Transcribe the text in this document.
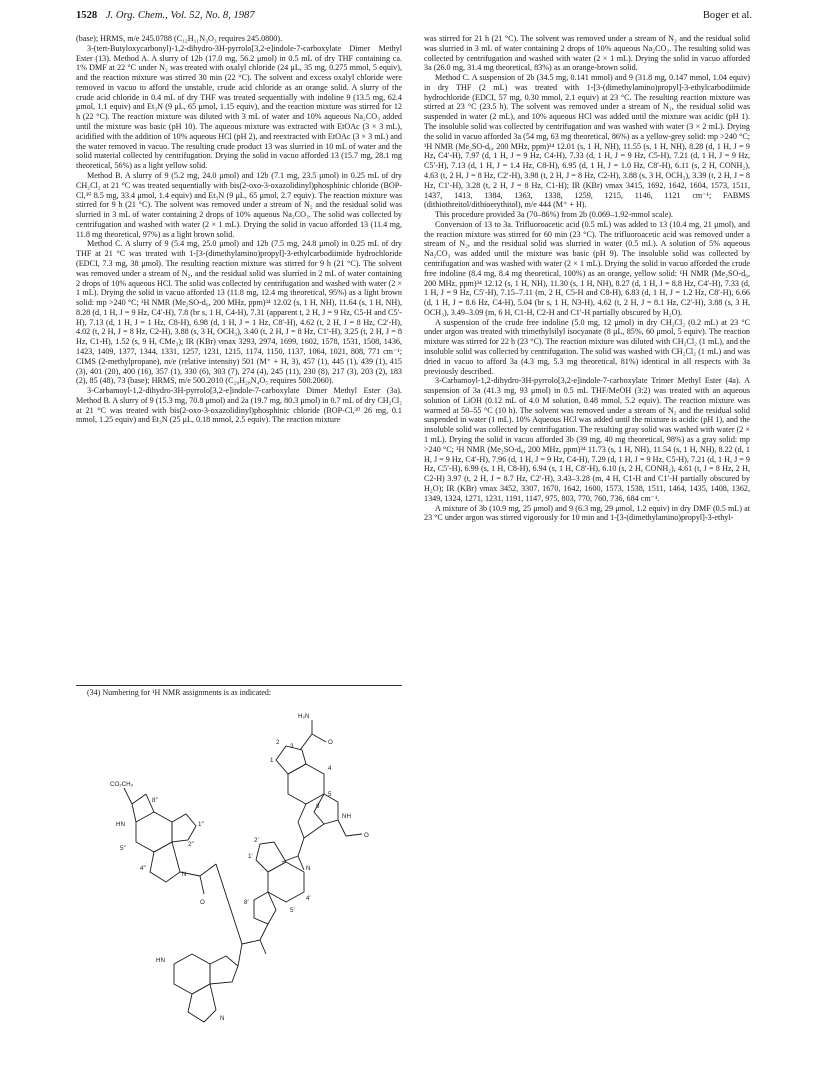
1528 J. Org. Chem., Vol. 52, No. 8, 1987	Boger et al.

(base); HRMS, m/e 245.0788 (C₁₂H₁₁N₃O₃ requires 245.0800).

3-(tert-Butyloxycarbonyl)-1,2-dihydro-3H-pyrrolo[3,2-e]indole-7-carboxylate Dimer Methyl Ester (13). Method A. A slurry of 12b (17.0 mg, 56.2 μmol) in 0.5 mL of dry THF containing ca. 1% DMF at 22 °C under N₂ was treated with oxalyl chloride (24 μL, 35 mg, 0.275 mmol, 5 equiv), and the reaction mixture was stirred 30 min (22 °C). The solvent and excess oxalyl chloride were removed in vacuo to afford the unstable, crude acid chloride as an orange solid. A slurry of the crude acid chloride in 0.4 mL of dry THF was treated sequentially with indoline 9 (13.5 mg, 62.4 μmol, 1.1 equiv) and Et₃N (9 μL, 65 μmol, 1.15 equiv), and the reaction mixture was stirred for 12 h (22 °C). The reaction mixture was diluted with 3 mL of water and 10% aqueous Na₂CO₃ added until the mixture was basic (pH 10). The aqueous mixture was extracted with EtOAc (3 × 3 mL), acidified with the addition of 10% aqueous HCl (pH 2), and reextracted with EtOAc (3 × 3 mL) and the water removed in vacuo. The resulting crude product 13 was slurried in 10 mL of water and the solid material collected by centrifugation. Drying the solid in vacuo afforded 13 (15.7 mg, 28.1 mg theoretical, 56%) as a light yellow solid.

Method B. A slurry of 9 (5.2 mg, 24.0 μmol) and 12b (7.1 mg, 23.5 μmol) in 0.25 mL of dry CH₂Cl₂ at 21 °C was treated sequentially with bis(2-oxo-3-oxazolidinyl)phosphinic chloride (BOP-Cl,³⁰ 8.5 mg, 33.4 μmol, 1.4 equiv) and Et₃N (9 μL, 65 μmol, 2.7 equiv). The reaction mixture was stirred for 9 h (21 °C). The solvent was removed under a stream of N₂ and the residual solid was slurried in 3 mL of water containing 2 drops of 10% aqueous Na₂CO₃. The solid was collected by centrifugation and washed with water (2 × 1 mL). Drying the solid in vacuo afforded 13 (11.4 mg, 11.8 mg theoretical, 97%) as a light brown solid.

Method C. A slurry of 9 (5.4 mg, 25.0 μmol) and 12b (7.5 mg, 24.8 μmol) in 0.25 mL of dry THF at 21 °C was treated with 1-[3-(dimethylamino)propyl]-3-ethylcarbodiimide hydrochloride (EDCI, 7.3 mg, 38 μmol). The resulting reaction mixture was stirred for 9 h (21 °C). The solvent was removed under a stream of N₂, and the residual solid was slurried in 2 mL of water containing 2 drops of 10% aqueous HCl. The solid was collected by centrifugation and washed with water (2 × 1 mL). Drying the solid in vacuo afforded 13 (11.8 mg, 12.4 mg theoretical, 95%) as a light brown solid: mp >240 °C; ¹H NMR (Me₂SO-d₆, 200 MHz, ppm)³⁴ 12.02 (s, 1 H, NH), 11.64 (s, 1 H, NH), 8.28 (d, 1 H, J = 9 Hz, C4′-H), 7.8 (br s, 1 H, C4-H), 7.31 (apparent t, 2 H, J = 9 Hz, C5-H and C5′-H), 7.13 (d, 1 H, J = 1 Hz, C8-H), 6.98 (d, 1 H, J = 1 Hz, C8′-H), 4.62 (t, 2 H, J = 8 Hz, C2′-H), 4.02 (t, 2 H, J = 8 Hz, C2-H), 3.88 (s, 3 H, OCH₃), 3.40 (t, 2 H, J = 8 Hz, C1′-H), 3.25 (t, 2 H, J = 8 Hz, C1-H), 1.52 (s, 9 H, CMe₃); IR (KBr) νmax 3293, 2974, 1699, 1602, 1578, 1531, 1508, 1436, 1423, 1409, 1377, 1344, 1331, 1257, 1231, 1215, 1174, 1150, 1137, 1064, 1021, 808, 771 cm⁻¹; CIMS (2-methylpropane), m/e (relative intensity) 501 (M⁺ + H, 3), 457 (1), 445 (1), 439 (1), 415 (3), 401 (20), 400 (16), 357 (1), 330 (6), 303 (7), 274 (4), 245 (11), 230 (8), 217 (3), 203 (2), 183 (2), 85 (48), 73 (base); HRMS, m/e 500.2010 (C₂₈H₂₈N₄O₅ requires 500.2060).

3-Carbamoyl-1,2-dihydro-3H-pyrrolo[3,2-e]indole-7-carboxylate Dimer Methyl Ester (3a). Method B. A slurry of 9 (15.3 mg, 70.8 μmol) and 2a (19.7 mg, 80.3 μmol) in 0.7 mL of dry CH₂Cl₂ at 21 °C was treated with bis(2-oxo-3-oxazolidinyl)phosphinic chloride (BOP-Cl,³⁰ 26 mg, 0.1 mmol, 1.25 equiv) and Et₃N (25 μL, 0.18 mmol, 2.5 equiv). The reaction mixture

(34) Numbering for ¹H NMR assignments is as indicated:
H₂N
O
1
2
3
4
5
8
NH
O
N
1′
2′
4′
5′
8′
CO₂CH₃
HN
8″
5″
4″
1″
2″
N
O
HN
N

was stirred for 21 h (21 °C). The solvent was removed under a stream of N₂ and the residual solid was slurried in 3 mL of water containing 2 drops of 10% aqueous Na₂CO₃. The resulting solid was collected by centrifugation and washed with water (2 × 1 mL). Drying the solid in vacuo afforded 3a (26.0 mg, 31.4 mg theoretical, 83%) as an orange-brown solid.

Method C. A suspension of 2b (34.5 mg, 0.141 mmol) and 9 (31.8 mg, 0.147 mmol, 1.04 equiv) in dry THF (2 mL) was treated with 1-[3-(dimethylamino)propyl]-3-ethylcarbodiimide hydrochloride (EDCI, 57 mg, 0.30 mmol, 2.1 equiv) at 23 °C. The resulting reaction mixture was stirred at 23 °C (23.5 h). The solvent was removed under a stream of N₂, the residual solid was suspended in water (2 mL), and 10% aqueous HCl was added until the mixture was acidic (pH 1). The insoluble solid was collected by centrifugation and was washed with water (3 × 2 mL). Drying the solid in vacuo afforded 3a (54 mg, 63 mg theoretical, 86%) as a yellow-grey solid: mp >240 °C; ¹H NMR (Me₂SO-d₆, 200 MHz, ppm)³⁴ 12.01 (s, 1 H, NH), 11.55 (s, 1 H, NH), 8.28 (d, 1 H, J = 9 Hz, C4′-H), 7.97 (d, 1 H, J = 9 Hz, C4-H), 7.33 (d, 1 H, J = 9 Hz, C5-H), 7.21 (d, 1 H, J = 9 Hz, C5′-H), 7.13 (d, 1 H, J = 1.4 Hz, C8-H), 6.95 (d, 1 H, J = 1.0 Hz, C8′-H), 6.11 (s, 2 H, CONH₂), 4.63 (t, 2 H, J = 8 Hz, C2′-H), 3.98 (t, 2 H, J = 8 Hz, C2-H), 3.88 (s, 3 H, OCH₃), 3.39 (t, 2 H, J = 8 Hz, C1′-H), 3.28 (t, 2 H, J = 8 Hz, C1-H); IR (KBr) νmax 3415, 1692, 1642, 1604, 1573, 1511, 1437, 1413, 1384, 1363, 1338, 1259, 1215, 1146, 1121 cm⁻¹; FABMS (dithiothreitol/dithioerythitol), m/e 444 (M⁺ + H).

This procedure provided 3a (70–86%) from 2b (0.069–1.92-mmol scale).

Conversion of 13 to 3a. Trifluoroacetic acid (0.5 mL) was added to 13 (10.4 mg, 21 μmol), and the reaction mixture was stirred for 60 min (23 °C). The trifluoroacetic acid was removed under a stream of N₂, and the residual solid was slurried in water (0.5 mL). A solution of 5% aqueous Na₂CO₃ was added until the mixture was basic (pH 9). The insoluble solid was collected by centrifugation and was washed with water (2 × 1 mL). Drying the solid in vacuo afforded the crude free indoline (8.4 mg, 8.4 mg theoretical, 100%) as an orange, yellow solid: ¹H NMR (Me₂SO-d₆, 200 MHz, ppm)³⁴ 12.12 (s, 1 H, NH), 11.30 (s, 1 H, NH), 8.27 (d, 1 H, J = 8.8 Hz, C4′-H), 7.33 (d, 1 H, J = 9 Hz, C5′-H), 7.15–7.11 (m, 2 H, C5-H and C8-H), 6.83 (d, 1 H, J = 1.2 Hz, C8′-H), 6.66 (d, 1 H, J = 8.6 Hz, C4-H), 5.04 (br s, 1 H, N3-H), 4.62 (t, 2 H, J = 8.1 Hz, C2′-H), 3.88 (s, 3 H, OCH₃), 3.49–3.09 (m, 6 H, C1-H, C2-H and C1′-H partially obscured by H₂O).

A suspension of the crude free indoline (5.0 mg, 12 μmol) in dry CH₂Cl₂ (0.2 mL) at 23 °C under argon was treated with trimethylsilyl isocyanate (8 μL, 85%, 60 μmol, 5 equiv). The reaction mixture was stirred for 22 h (23 °C). The reaction mixture was diluted with CH₂Cl₂ (1 mL), and the insoluble solid was collected by centrifugation. The solid was washed with CH₂Cl₂ (1 mL) and was dried in vacuo to afford 3a (4.3 mg, 5.3 mg theoretical, 81%) identical in all respects with 3a previously described.

3-Carbamoyl-1,2-dihydro-3H-pyrrolo[3,2-e]indole-7-carboxylate Trimer Methyl Ester (4a). A suspension of 3a (41.3 mg, 93 μmol) in 0.5 mL THF/MeOH (3:2) was treated with an aqueous solution of LiOH (0.12 mL of 4.0 M solution, 0.48 mmol, 5.2 equiv). The reaction mixture was warmed at 50–55 °C (10 h). The solvent was removed under a stream of N₂ and the residual solid suspended in water (1 mL). 10% Aqueous HCl was added until the mixture is acidic (pH 1), and the insoluble solid was collected by centrifugation. The resulting gray solid was washed with water (2 × 1 mL). Drying the solid in vacuo afforded 3b (39 mg, 40 mg theoretical, 98%) as a gray solid: mp >240 °C; ¹H NMR (Me₂SO-d₆, 200 MHz, ppm)³⁴ 11.73 (s, 1 H, NH), 11.54 (s, 1 H, NH), 8.22 (d, 1 H, J = 9 Hz, C4′-H), 7.96 (d, 1 H, J = 9 Hz, C4-H), 7.29 (d, 1 H, J = 9 Hz, C5-H), 7.21 (d, 1 H, J = 9 Hz, C5′-H), 6.99 (s, 1 H, C8-H), 6.94 (s, 1 H, C8′-H), 6.10 (s, 2 H, CONH₂), 4.61 (t, J = 8 Hz, 2 H, C2-H) 3.97 (t, 2 H, J = 8.7 Hz, C2′-H), 3.43–3.28 (m, 4 H, C1-H and C1′-H partially obscured by H₂O); IR (KBr) νmax 3452, 3307, 1670, 1642, 1600, 1573, 1538, 1511, 1464, 1435, 1408, 1362, 1349, 1324, 1271, 1231, 1191, 1147, 975, 803, 770, 760, 736, 684 cm⁻¹.

A mixture of 3b (10.9 mg, 25 μmol) and 9 (6.3 mg, 29 μmol, 1.2 equiv) in dry DMF (0.5 mL) at 23 °C under argon was stirred vigorously for 10 min and 1-[3-(dimethylamino)propyl]-3-ethyl-
